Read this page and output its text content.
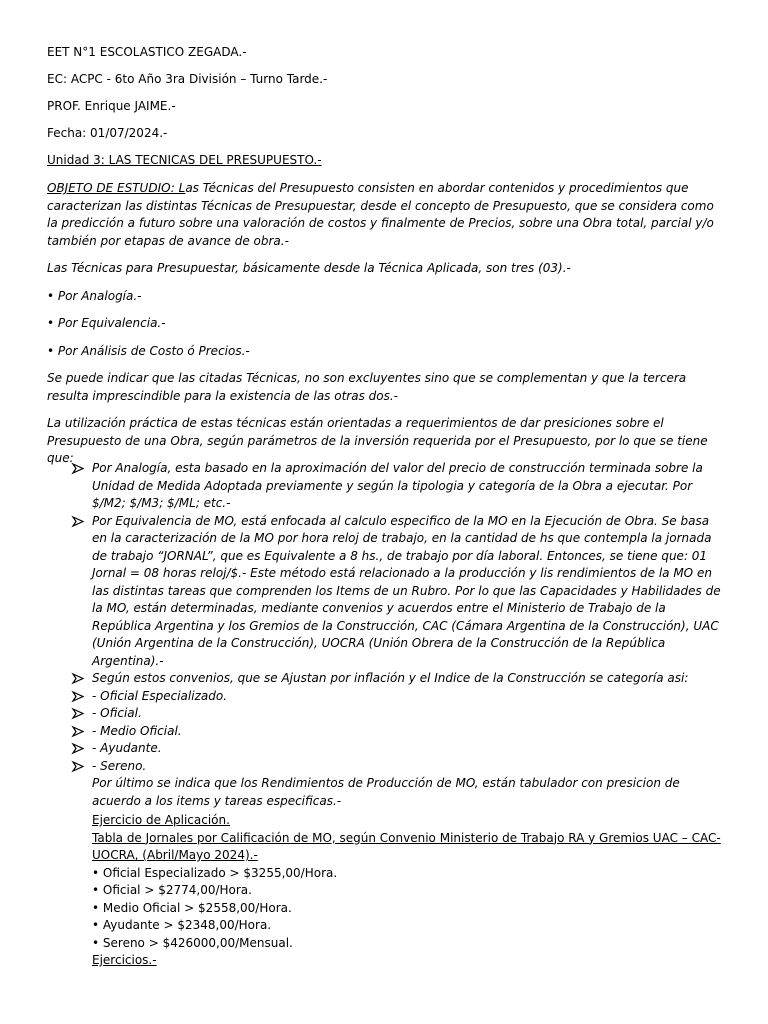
EET N°1 ESCOLASTICO ZEGADA.-

EC: ACPC - 6to Año 3ra División – Turno Tarde.-

PROF. Enrique JAIME.-

Fecha: 01/07/2024.-

Unidad 3: LAS TECNICAS DEL PRESUPUESTO.-

OBJETO DE ESTUDIO: Las Técnicas del Presupuesto consisten en abordar contenidos y procedimientos que caracterizan las distintas Técnicas de Presupuestar, desde el concepto de Presupuesto, que se considera como la predicción a futuro sobre una valoración de costos y finalmente de Precios, sobre una Obra total, parcial y/o también por etapas de avance de obra.-

Las Técnicas para Presupuestar, básicamente desde la Técnica Aplicada, son tres (03).-

• Por Analogía.-

• Por Equivalencia.-

• Por Análisis de Costo ó Precios.-

Se puede indicar que las citadas Técnicas, no son excluyentes sino que se complementan y que la tercera resulta imprescindible para la existencia de las otras dos.-

La utilización práctica de estas técnicas están orientadas a requerimientos de dar presiciones sobre el Presupuesto de una Obra, según parámetros de la inversión requerida por el Presupuesto, por lo que se tiene que:

Por Analogía, esta basado en la aproximación del valor del precio de construcción terminada sobre la Unidad de Medida Adoptada previamente y según la tipologia y categoría de la Obra a ejecutar. Por $/M2; $/M3; $/ML; etc.-
Por Equivalencia de MO, está enfocada al calculo especifico de la MO en la Ejecución de Obra. Se basa en la caracterización de la MO por hora reloj de trabajo, en la cantidad de hs que contempla la jornada de trabajo “JORNAL”, que es Equivalente a 8 hs., de trabajo por día laboral. Entonces, se tiene que: 01 Jornal = 08 horas reloj/$.- Este método está relacionado a la producción y lis rendimientos de la MO en las distintas tareas que comprenden los Items de un Rubro. Por lo que las Capacidades y Habilidades de la MO, están determinadas, mediante convenios y acuerdos entre el Ministerio de Trabajo de la República Argentina y los Gremios de la Construcción, CAC (Cámara Argentina de la Construcción), UAC (Unión Argentina de la Construcción), UOCRA (Unión Obrera de la Construcción de la República Argentina).-
Según estos convenios, que se Ajustan por inflación y el Indice de la Construcción se categoría asi:
- Oficial Especializado.
- Oficial.
- Medio Oficial.
- Ayudante.
- Sereno.
Por último se indica que los Rendimientos de Producción de MO, están tabulador con presicion de acuerdo a los items y tareas especificas.-
Ejercicio de Aplicación.
Tabla de Jornales por Calificación de MO, según Convenio Ministerio de Trabajo RA y Gremios UAC – CAC- UOCRA, (Abril/Mayo 2024).-
• Oficial Especializado > $3255,00/Hora.
• Oficial > $2774,00/Hora.
• Medio Oficial > $2558,00/Hora.
• Ayudante > $2348,00/Hora.
• Sereno > $426000,00/Mensual.
Ejercicios.-
